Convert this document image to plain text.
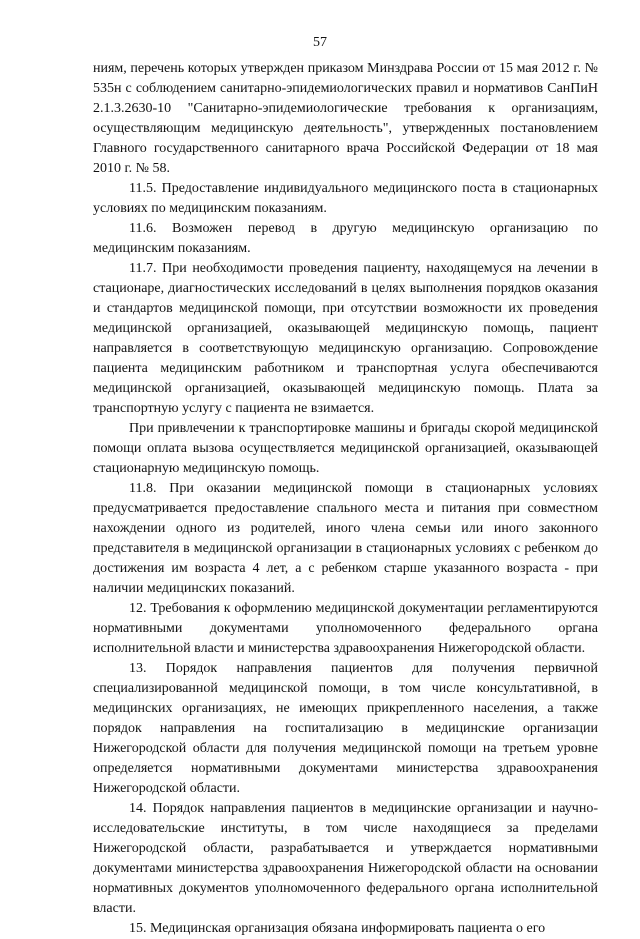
57

ниям, перечень которых утвержден приказом Минздрава России от 15 мая 2012 г. № 535н с соблюдением санитарно-эпидемиологических правил и нормативов СанПиН 2.1.3.2630-10 "Санитарно-эпидемиологические требования к организациям, осуществляющим медицинскую деятельность", утвержденных постановлением Главного государственного санитарного врача Российской Федерации от 18 мая 2010 г. № 58.

11.5. Предоставление индивидуального медицинского поста в стационарных условиях по медицинским показаниям.

11.6. Возможен перевод в другую медицинскую организацию по медицинским показаниям.

11.7. При необходимости проведения пациенту, находящемуся на лечении в стационаре, диагностических исследований в целях выполнения порядков оказания и стандартов медицинской помощи, при отсутствии возможности их проведения медицинской организацией, оказывающей медицинскую помощь, пациент направляется в соответствующую медицинскую организацию. Сопровождение пациента медицинским работником и транспортная услуга обеспечиваются медицинской организацией, оказывающей медицинскую помощь. Плата за транспортную услугу с пациента не взимается.

При привлечении к транспортировке машины и бригады скорой медицинской помощи оплата вызова осуществляется медицинской организацией, оказывающей стационарную медицинскую помощь.

11.8. При оказании медицинской помощи в стационарных условиях предусматривается предоставление спального места и питания при совместном нахождении одного из родителей, иного члена семьи или иного законного представителя в медицинской организации в стационарных условиях с ребенком до достижения им возраста 4 лет, а с ребенком старше указанного возраста - при наличии медицинских показаний.

12. Требования к оформлению медицинской документации регламентируются нормативными документами уполномоченного федерального органа исполнительной власти и министерства здравоохранения Нижегородской области.

13. Порядок направления пациентов для получения первичной специализированной медицинской помощи, в том числе консультативной, в медицинских организациях, не имеющих прикрепленного населения, а также порядок направления на госпитализацию в медицинские организации Нижегородской области для получения медицинской помощи на третьем уровне определяется нормативными документами министерства здравоохранения Нижегородской области.

14. Порядок направления пациентов в медицинские организации и научно-исследовательские институты, в том числе находящиеся за пределами Нижегородской области, разрабатывается и утверждается нормативными документами министерства здравоохранения Нижегородской области на основании нормативных документов уполномоченного федерального органа исполнительной власти.

15. Медицинская организация обязана информировать пациента о его
